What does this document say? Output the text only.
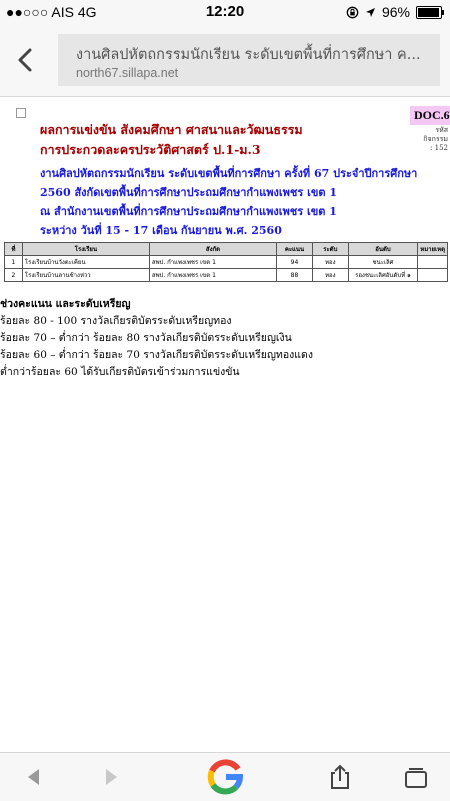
●●○○○ AIS 4G	12:20	96%
งานศิลปหัตถกรรมนักเรียน ระดับเขตพื้นที่การศึกษา ค...
north67.sillapa.net
DOC.6
รหัสกิจกรรม
: 152
ผลการแข่งขัน สังคมศึกษา ศาสนาและวัฒนธรรม
การประกวดละครประวัติศาสตร์ ป.1-ม.3
งานศิลปหัตถกรรมนักเรียน ระดับเขตพื้นที่การศึกษา ครั้งที่ 67 ประจำปีการศึกษา
2560 สังกัดเขตพื้นที่การศึกษาประถมศึกษากำแพงเพชร เขต 1
ณ สำนักงานเขตพื้นที่การศึกษาประถมศึกษากำแพงเพชร เขต 1
ระหว่าง วันที่ 15 - 17 เดือน กันยายน พ.ศ. 2560
ที่	โรงเรียน	สังกัด	คะแนน	ระดับ	อันดับ	หมายเหตุ
1	โรงเรียนบ้านวังตะเคียน	สพป. กำแพงเพชร เขต 1	94	ทอง	ชนะเลิศ	
2	โรงเรียนบ้านลานช้างห่วว	สพป. กำแพงเพชร เขต 1	88	ทอง	รองชนะเลิศอันดับที่ ๑	
ช่วงคะแนน และระดับเหรียญ
ร้อยละ 80 - 100 รางวัลเกียรติบัตรระดับเหรียญทอง
ร้อยละ 70 – ต่ำกว่า ร้อยละ 80 รางวัลเกียรติบัตรระดับเหรียญเงิน
ร้อยละ 60 – ต่ำกว่า ร้อยละ 70 รางวัลเกียรติบัตรระดับเหรียญทองแดง
ต่ำกว่าร้อยละ 60 ได้รับเกียรติบัตรเข้าร่วมการแข่งขัน
